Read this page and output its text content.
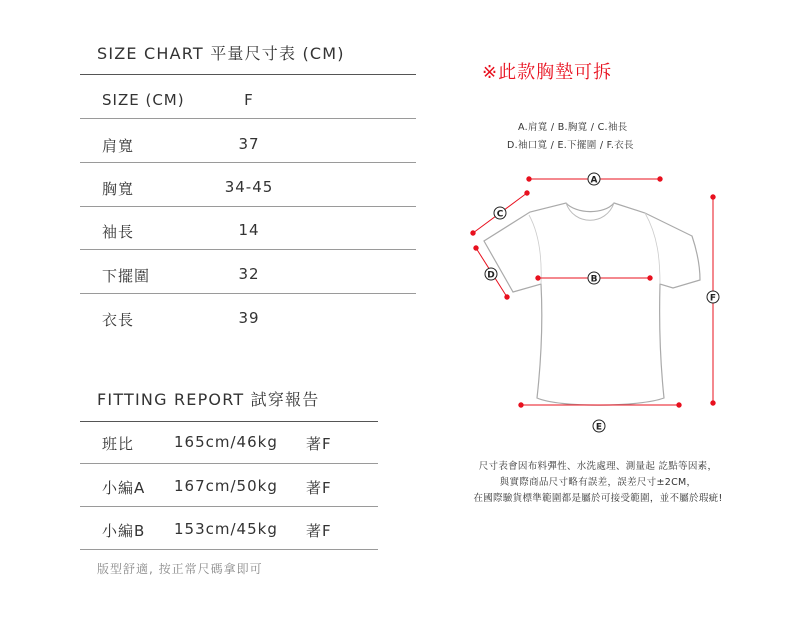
SIZE CHART 平量尺寸表 (CM)
SIZE (CM)	F
肩寬	37
胸寬	34-45
袖長	14
下擺圍	32
衣長	39
FITTING REPORT 試穿報告
班比	165cm/46kg 著F
小編A 167cm/50kg 著F
小編B 153cm/45kg 著F
版型舒適, 按正常尺碼拿即可
※此款胸墊可拆
A.肩寬 / B.胸寬 / C.袖長
D.袖口寬 / E.下擺圍 / F.衣長
A
B
C
D
E
F
尺寸表會因布料彈性、水洗處理、測量起 訖點等因素，
與實際商品尺寸略有誤差，誤差尺寸±2CM，
在國際驗貨標準範圍都是屬於可接受範圍，並不屬於瑕疵!
